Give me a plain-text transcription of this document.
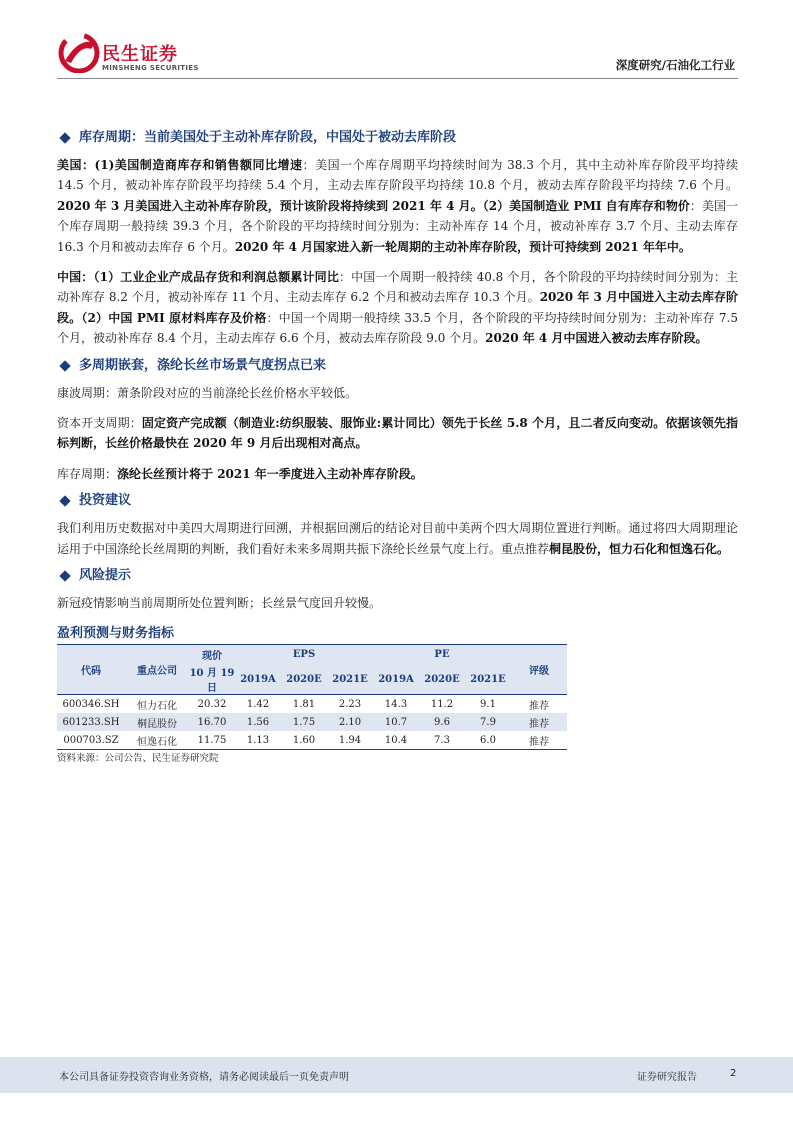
民生证券
MINSHENG SECURITIES	深度研究/石油化工行业
库存周期：当前美国处于主动补库存阶段，中国处于被动去库阶段

美国：(1)美国制造商库存和销售额同比增速：美国一个库存周期平均持续时间为 38.3 个月，其中主动补库存阶段平均持续 14.5 个月，被动补库存阶段平均持续 5.4 个月，主动去库存阶段平均持续 10.8 个月，被动去库存阶段平均持续 7.6 个月。2020 年 3 月美国进入主动补库存阶段，预计该阶段将持续到 2021 年 4 月。（2）美国制造业 PMI 自有库存和物价：美国一个库存周期一般持续 39.3 个月，各个阶段的平均持续时间分别为：主动补库存 14 个月，被动补库存 3.7 个月、主动去库存 16.3 个月和被动去库存 6 个月。2020 年 4 月国家进入新一轮周期的主动补库存阶段，预计可持续到 2021 年年中。

中国：（1）工业企业产成品存货和利润总额累计同比：中国一个周期一般持续 40.8 个月，各个阶段的平均持续时间分别为：主动补库存 8.2 个月，被动补库存 11 个月、主动去库存 6.2 个月和被动去库存 10.3 个月。2020 年 3 月中国进入主动去库存阶段。（2）中国 PMI 原材料库存及价格：中国一个周期一般持续 33.5 个月，各个阶段的平均持续时间分别为：主动补库存 7.5 个月，被动补库存 8.4 个月，主动去库存 6.6 个月，被动去库存阶段 9.0 个月。2020 年 4 月中国进入被动去库存阶段。

多周期嵌套，涤纶长丝市场景气度拐点已来

康波周期：萧条阶段对应的当前涤纶长丝价格水平较低。

资本开支周期：固定资产完成额（制造业:纺织服装、服饰业:累计同比）领先于长丝 5.8 个月，且二者反向变动。依据该领先指标判断，长丝价格最快在 2020 年 9 月后出现相对高点。

库存周期：涤纶长丝预计将于 2021 年一季度进入主动补库存阶段。

投资建议

我们利用历史数据对中美四大周期进行回溯，并根据回溯后的结论对目前中美两个四大周期位置进行判断。通过将四大周期理论运用于中国涤纶长丝周期的判断，我们看好未来多周期共振下涤纶长丝景气度上行。重点推荐桐昆股份，恒力石化和恒逸石化。

风险提示

新冠疫情影响当前周期所处位置判断；长丝景气度回升较慢。

盈利预测与财务指标
代码	重点公司	现价	EPS			PE			评级
		10 月 19 日	2019A	2020E	2021E	2019A	2020E	2021E	
600346.SH	恒力石化	20.32	1.42	1.81	2.23	14.3	11.2	9.1	推荐
601233.SH	桐昆股份	16.70	1.56	1.75	2.10	10.7	9.6	7.9	推荐
000703.SZ	恒逸石化	11.75	1.13	1.60	1.94	10.4	7.3	6.0	推荐
资料来源：公司公告、民生证券研究院
本公司具备证券投资咨询业务资格，请务必阅读最后一页免责声明	证券研究报告	2
